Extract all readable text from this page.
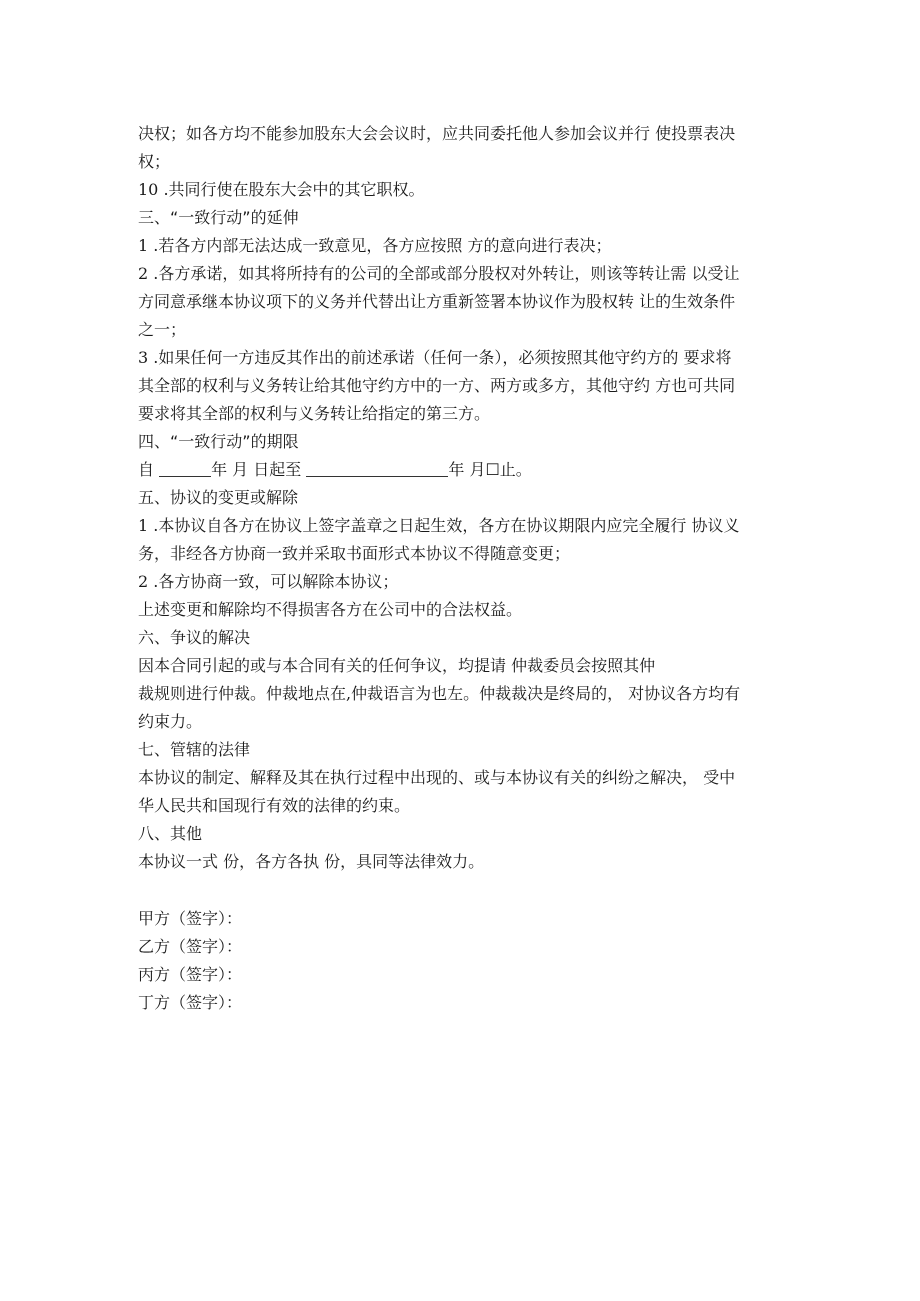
决权；如各方均不能参加股东大会会议时，应共同委托他人参加会议并行 使投票表决
权；
10 .共同行使在股东大会中的其它职权。
三、“一致行动”的延伸
1 .若各方内部无法达成一致意见，各方应按照 方的意向进行表决；
2 .各方承诺，如其将所持有的公司的全部或部分股权对外转让，则该等转让需 以受让
方同意承继本协议项下的义务并代替出让方重新签署本协议作为股权转 让的生效条件
之一；
3 .如果任何一方违反其作出的前述承诺（任何一条），必须按照其他守约方的 要求将
其全部的权利与义务转让给其他守约方中的一方、两方或多方，其他守约 方也可共同
要求将其全部的权利与义务转让给指定的第三方。
四、“一致行动”的期限
自	年 月 日起至	年 月☐止。
五、协议的变更或解除
1 .本协议自各方在协议上签字盖章之日起生效，各方在协议期限内应完全履行 协议义
务，非经各方协商一致并采取书面形式本协议不得随意变更；
2 .各方协商一致，可以解除本协议；
上述变更和解除均不得损害各方在公司中的合法权益。
六、争议的解决
因本合同引起的或与本合同有关的任何争议，均提请 仲裁委员会按照其仲
裁规则进行仲裁。仲裁地点在,仲裁语言为也左。仲裁裁决是终局的， 对协议各方均有
约束力。
七、管辖的法律
本协议的制定、解释及其在执行过程中出现的、或与本协议有关的纠纷之解决， 受中
华人民共和国现行有效的法律的约束。
八、其他
本协议一式 份，各方各执 份，具同等法律效力。
甲方（签字）：
乙方（签字）：
丙方（签字）：
丁方（签字）：
